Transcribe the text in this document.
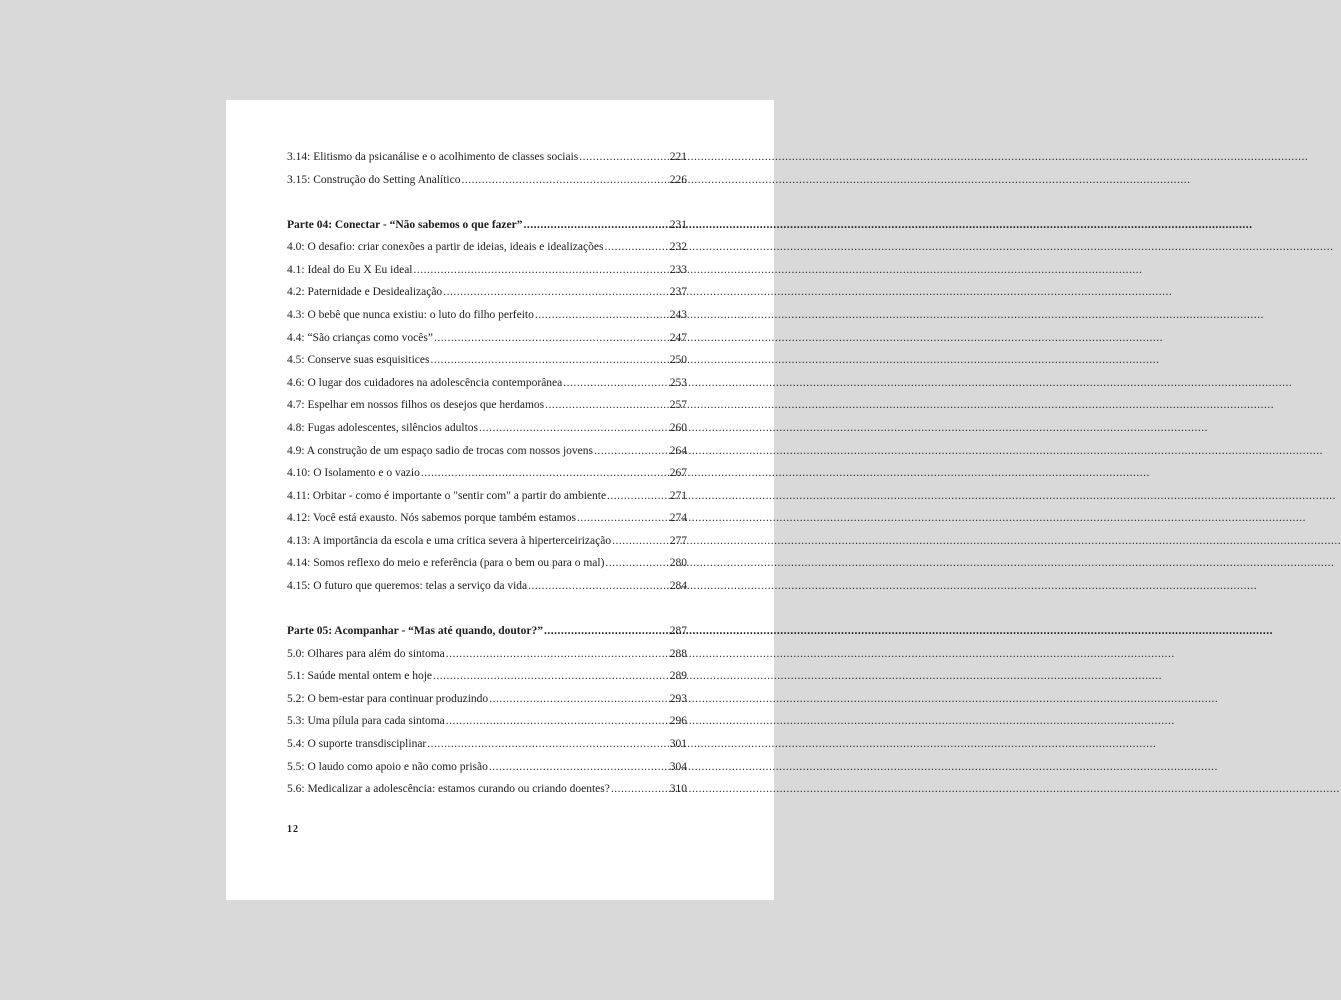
3.14: Elitismo da psicanálise e o acolhimento de classes sociais .....	221
3.15: Construção do Setting Analítico .....	226
Parte 04: Conectar - “Não sabemos o que fazer” .....	231
4.0: O desafio: criar conexões a partir de ideias, ideais e idealizações .....	232
4.1: Ideal do Eu X Eu ideal .....	233
4.2: Paternidade e Desidealização .....	237
4.3: O bebê que nunca existiu: o luto do filho perfeito .....	243
4.4: “São crianças como vocês” .....	247
4.5: Conserve suas esquisitices .....	250
4.6: O lugar dos cuidadores na adolescência contemporânea .....	253
4.7: Espelhar em nossos filhos os desejos que herdamos .....	257
4.8: Fugas adolescentes, silêncios adultos .....	260
4.9: A construção de um espaço sadio de trocas com nossos jovens .....	264
4.10: O Isolamento e o vazio .....	267
4.11: Orbitar - como é importante o "sentir com" a partir do ambiente .....	271
4.12: Você está exausto. Nós sabemos porque também estamos .....	274
4.13: A importância da escola e uma crítica severa à hiperterceirização .....	277
4.14: Somos reflexo do meio e referência (para o bem ou para o mal) .....	280
4.15: O futuro que queremos: telas a serviço da vida .....	284
Parte 05: Acompanhar - “Mas até quando, doutor?” .....	287
5.0: Olhares para além do sintoma .....	288
5.1: Saúde mental ontem e hoje .....	289
5.2: O bem-estar para continuar produzindo .....	293
5.3: Uma pílula para cada sintoma .....	296
5.4: O suporte transdisciplinar .....	301
5.5: O laudo como apoio e não como prisão .....	304
5.6: Medicalizar a adolescência: estamos curando ou criando doentes? .....	310
12
